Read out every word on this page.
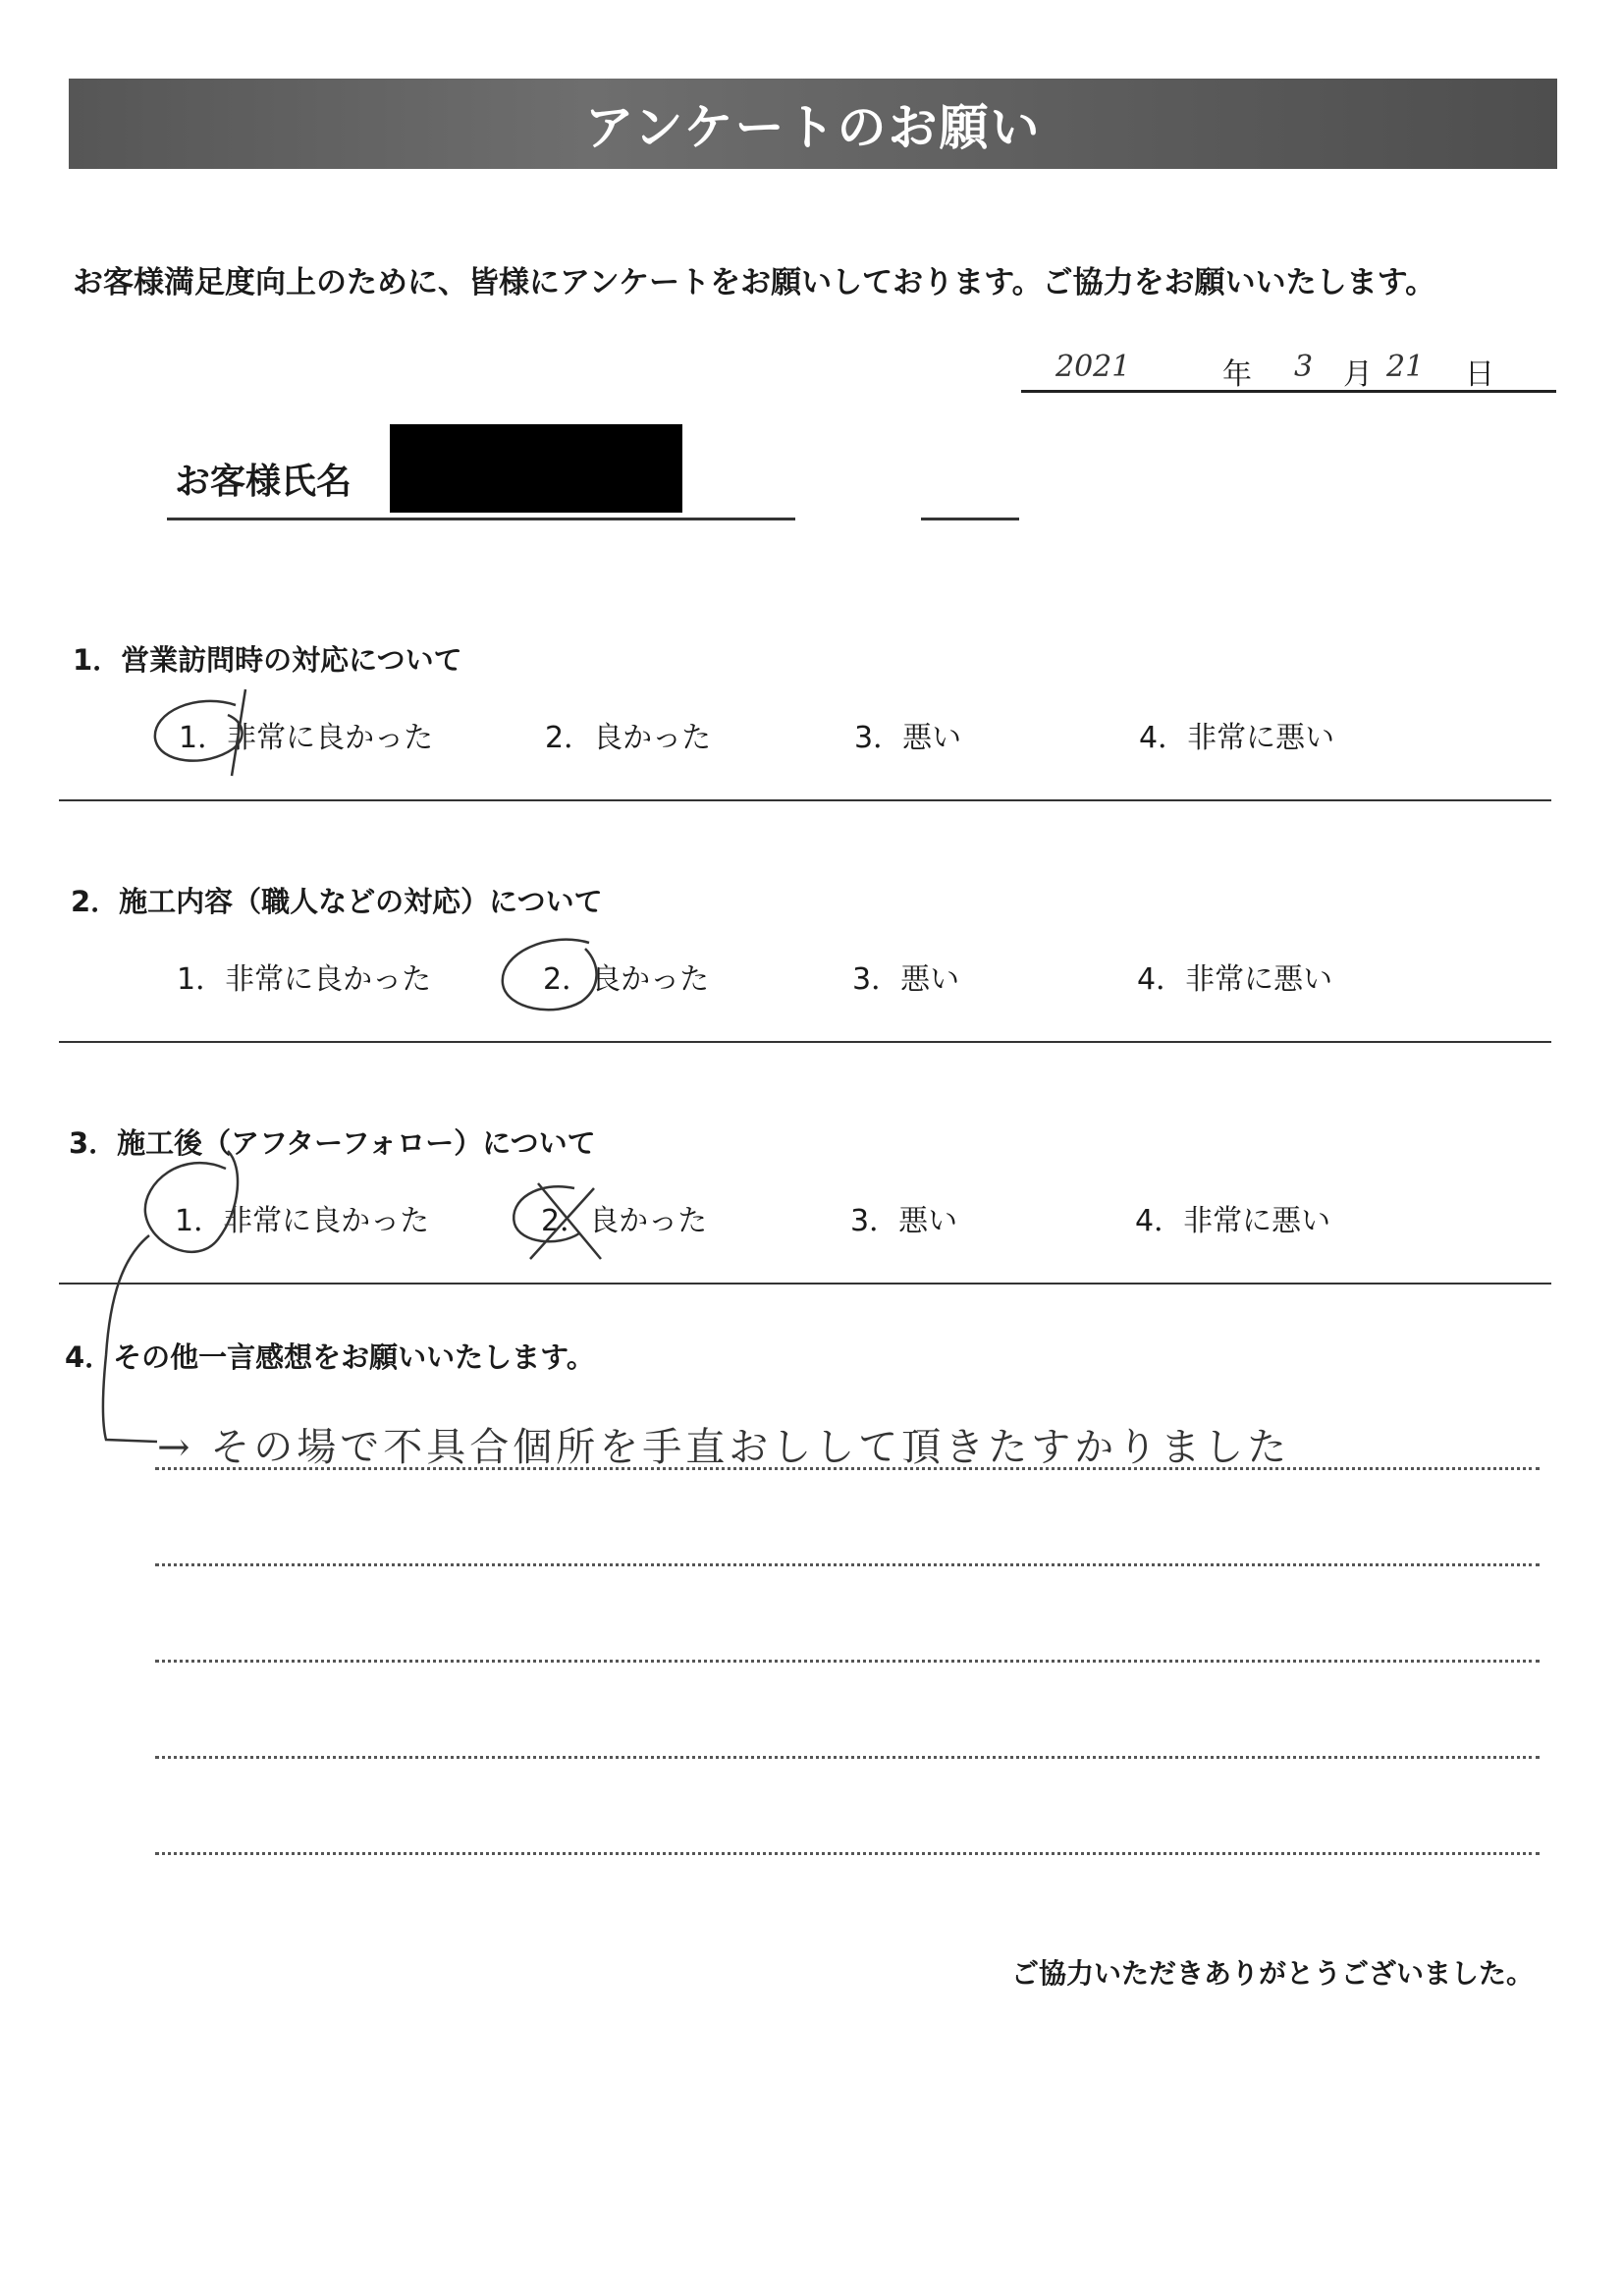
アンケートのお願い
お客様満足度向上のために、皆様にアンケートをお願いしております。ご協力をお願いいたします。
2021	年 3 月 21 日
お客様氏名
1．営業訪問時の対応について
1．非常に良かった	2．良かった	3．悪い	4．非常に悪い
2．施工内容（職人などの対応）について
1．非常に良かった	2．良かった	3．悪い	4．非常に悪い
3．施工後（アフターフォロー）について
1．非常に良かった	2．良かった	3．悪い	4．非常に悪い
4．その他一言感想をお願いいたします。
→ その場で不具合個所を手直おしして頂きたすかりました
ご協力いただきありがとうございました。
